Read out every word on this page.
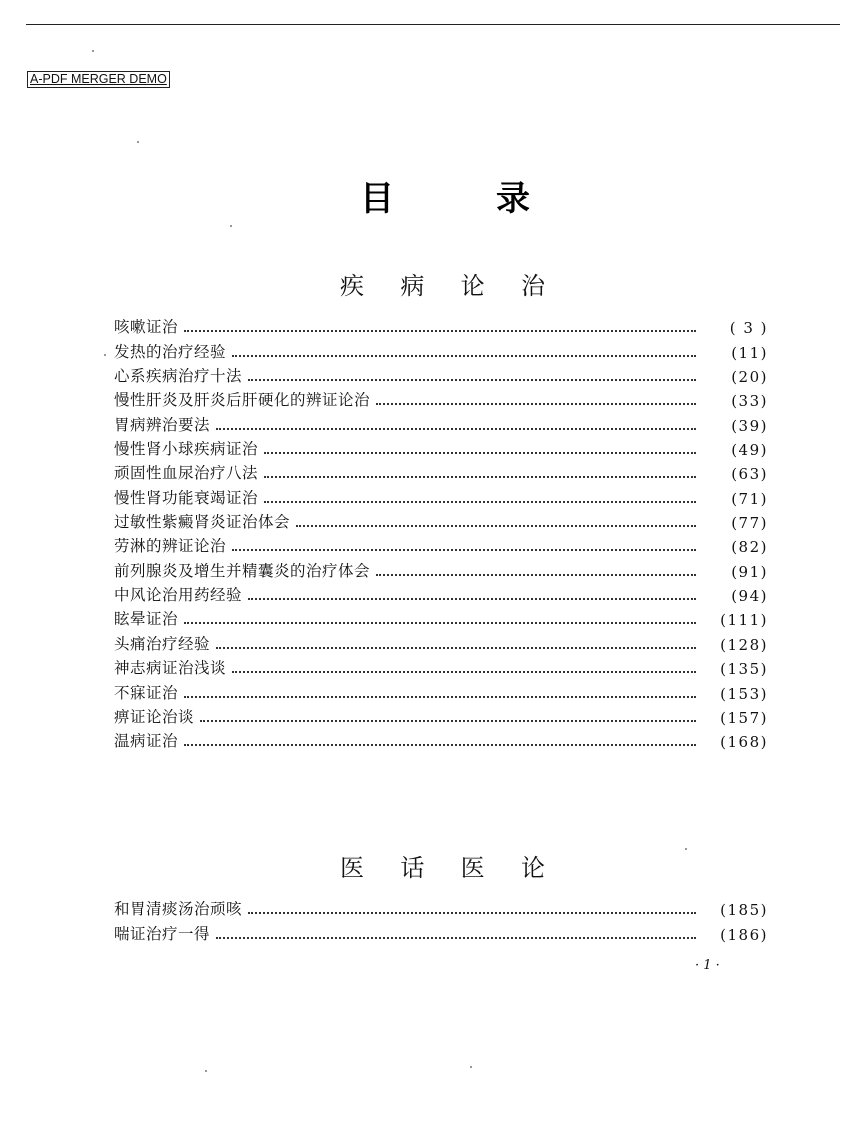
A-PDF MERGER DEMO
目	录
疾 病 论 治
咳嗽证治	( 3 )
发热的治疗经验	(11)
心系疾病治疗十法	(20)
慢性肝炎及肝炎后肝硬化的辨证论治	(33)
胃病辨治要法	(39)
慢性肾小球疾病证治	(49)
顽固性血尿治疗八法	(63)
慢性肾功能衰竭证治	(71)
过敏性紫癜肾炎证治体会	(77)
劳淋的辨证论治	(82)
前列腺炎及增生并精囊炎的治疗体会	(91)
中风论治用药经验	(94)
眩晕证治	(111)
头痛治疗经验	(128)
神志病证治浅谈	(135)
不寐证治	(153)
痹证论治谈	(157)
温病证治	(168)
医 话 医 论
和胃清痰汤治顽咳	(185)
喘证治疗一得	(186)
· 1 ·
